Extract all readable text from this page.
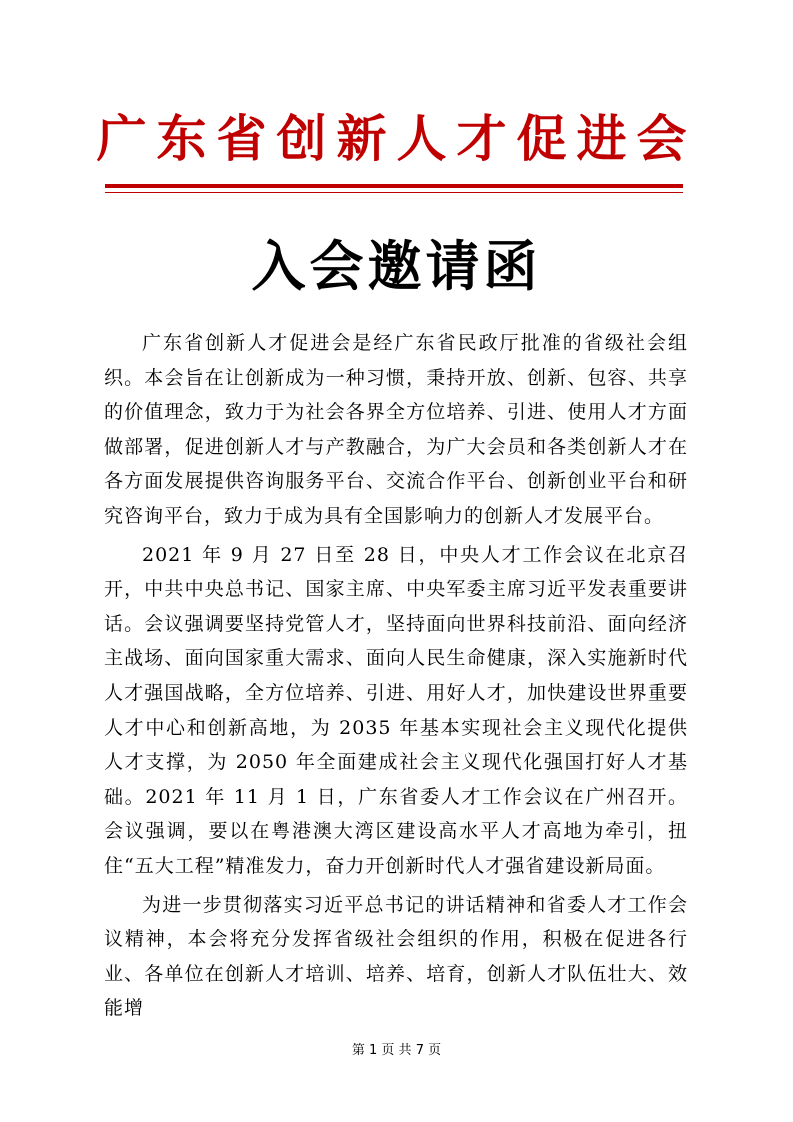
广东省创新人才促进会
入会邀请函

广东省创新人才促进会是经广东省民政厅批准的省级社会组织。本会旨在让创新成为一种习惯，秉持开放、创新、包容、共享的价值理念，致力于为社会各界全方位培养、引进、使用人才方面做部署，促进创新人才与产教融合，为广大会员和各类创新人才在各方面发展提供咨询服务平台、交流合作平台、创新创业平台和研究咨询平台，致力于成为具有全国影响力的创新人才发展平台。

2021 年 9 月 27 日至 28 日，中央人才工作会议在北京召开，中共中央总书记、国家主席、中央军委主席习近平发表重要讲话。会议强调要坚持党管人才，坚持面向世界科技前沿、面向经济主战场、面向国家重大需求、面向人民生命健康，深入实施新时代人才强国战略，全方位培养、引进、用好人才，加快建设世界重要人才中心和创新高地，为 2035 年基本实现社会主义现代化提供人才支撑，为 2050 年全面建成社会主义现代化强国打好人才基础。2021 年 11 月 1 日，广东省委人才工作会议在广州召开。会议强调，要以在粤港澳大湾区建设高水平人才高地为牵引，扭住“五大工程”精准发力，奋力开创新时代人才强省建设新局面。

为进一步贯彻落实习近平总书记的讲话精神和省委人才工作会议精神，本会将充分发挥省级社会组织的作用，积极在促进各行业、各单位在创新人才培训、培养、培育，创新人才队伍壮大、效能增

第 1 页 共 7 页
